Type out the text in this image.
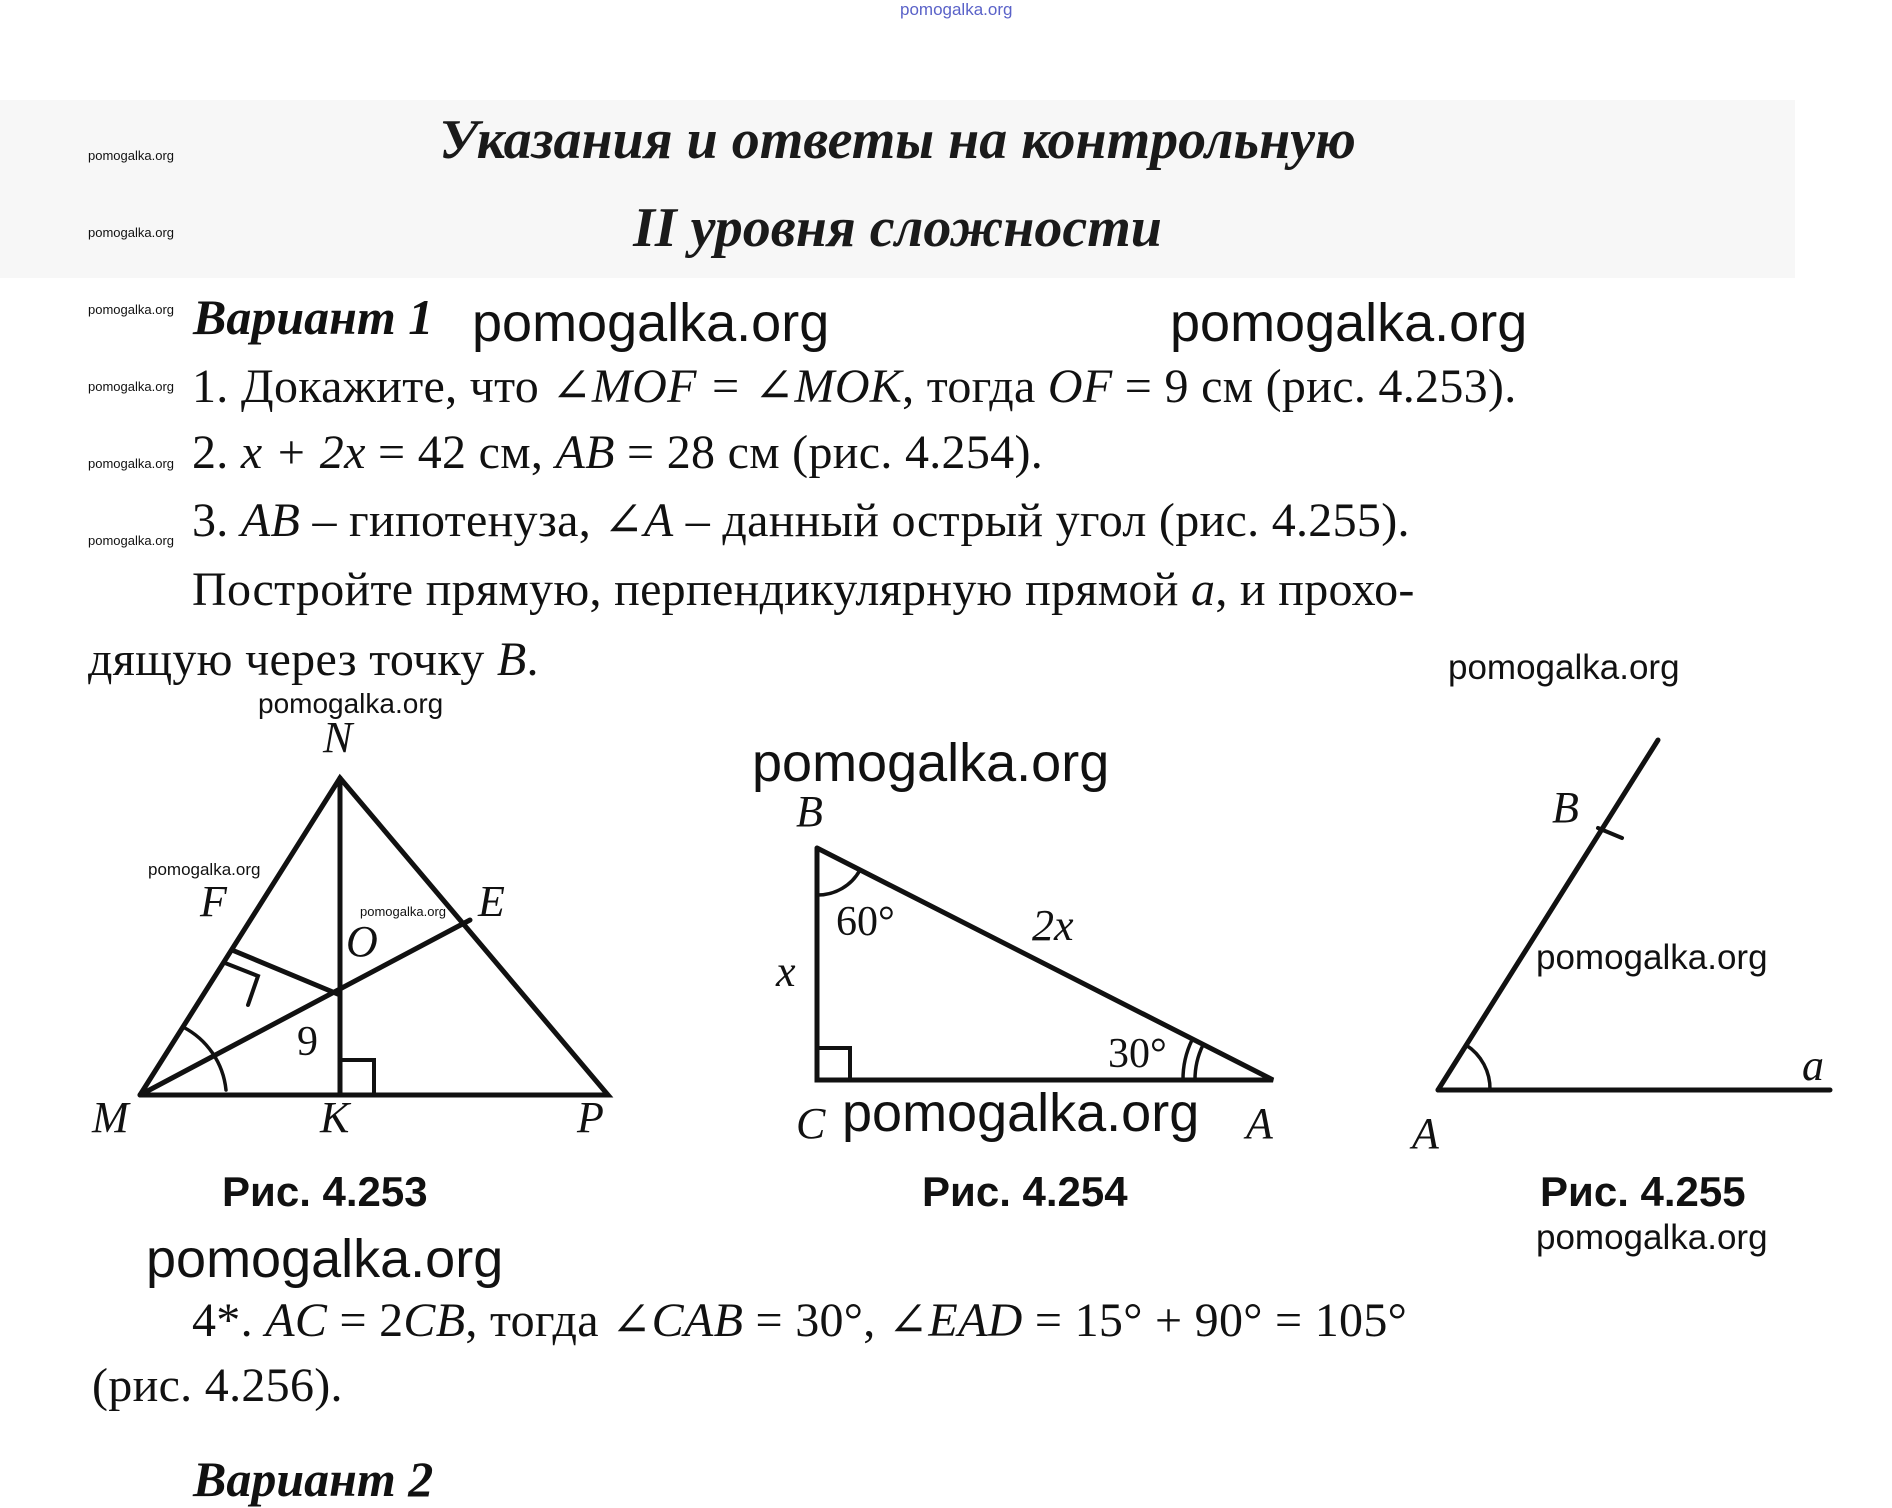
pomogalka.org
Указания и ответы на контрольную
II уровня сложности
pomogalka.org
pomogalka.org
pomogalka.org
pomogalka.org
pomogalka.org
pomogalka.org
Вариант 1 pomogalka.org	pomogalka.org
1. Докажите, что ∠MOF = ∠MOK, тогда OF = 9 см (рис. 4.253).
2. x + 2x = 42 см, AB = 28 см (рис. 4.254).
3. AB – гипотенуза, ∠A – данный острый угол (рис. 4.255).
Постройте прямую, перпендикулярную прямой a, и прохо-
дящую через точку B.	pomogalka.org
pomogalka.org
pomogalka.org
N
F	E
O
9
M	K	P
pomogalka.org
pomogalka.org
Рис. 4.253
B
60°	2x
x
30°
C	A
pomogalka.org
Рис. 4.254
B
a
A
pomogalka.org
Рис. 4.255
pomogalka.org
pomogalka.org
4*. AC = 2CB, тогда ∠CAB = 30°, ∠EAD = 15° + 90° = 105°
(рис. 4.256).
Вариант 2
